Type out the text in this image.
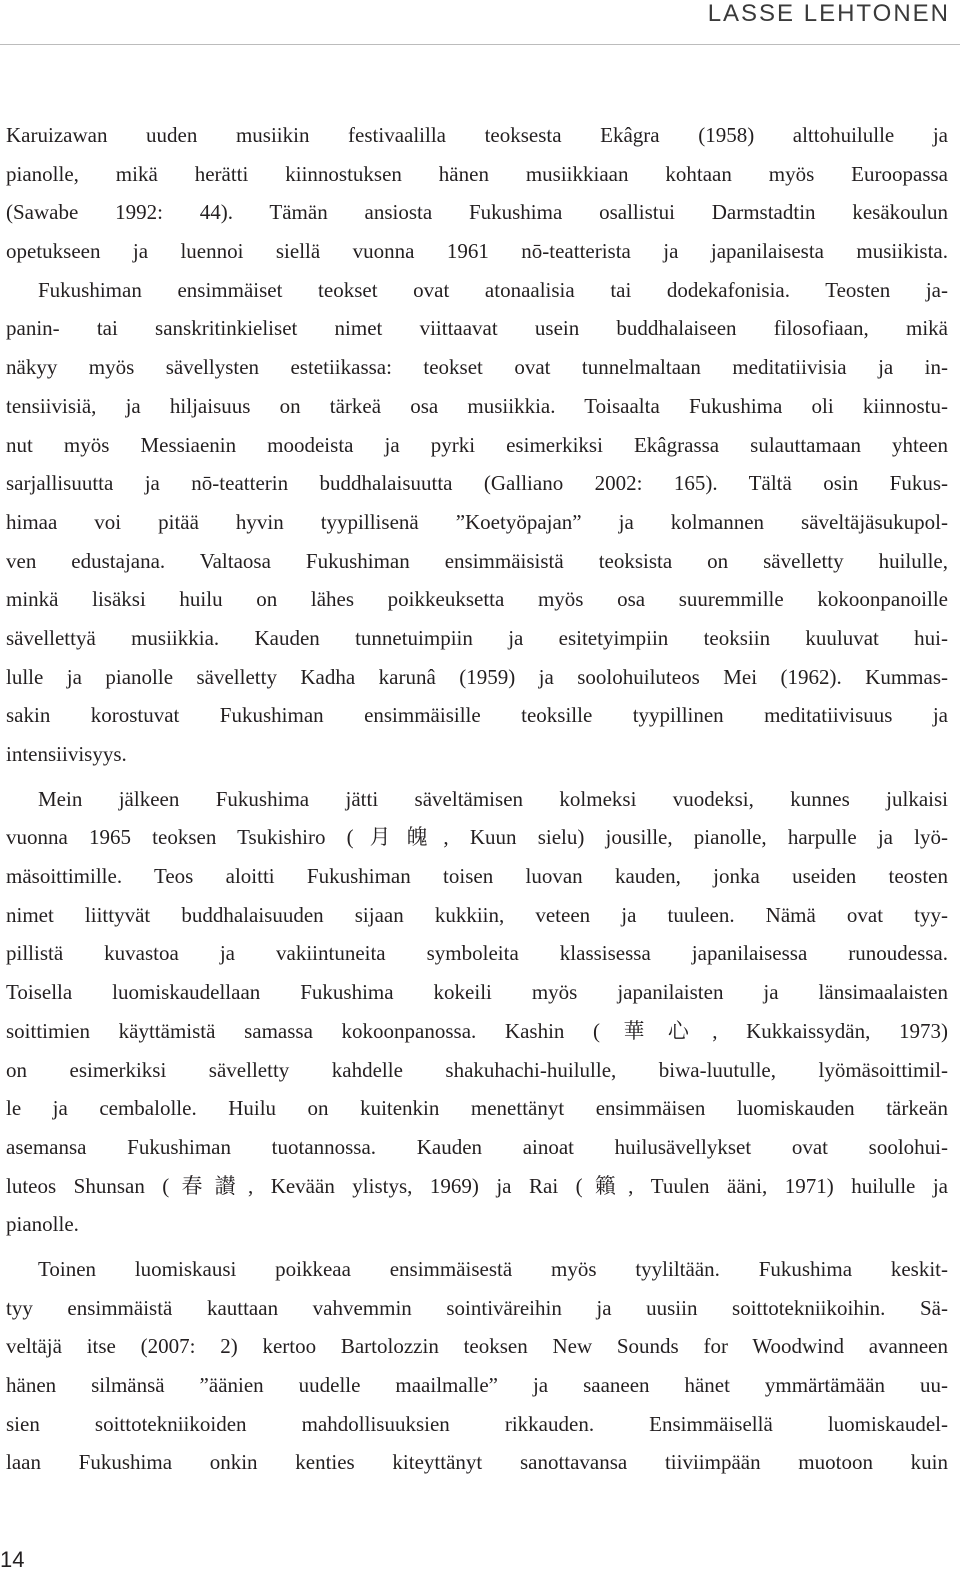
LASSE LEHTONEN
Karuizawan uuden musiikin festivaalilla teoksesta Ekâgra (1958) alttohuilulle ja
pianolle, mikä herätti kiinnostuksen hänen musiikkiaan kohtaan myös Euroopassa
(Sawabe 1992: 44). Tämän ansiosta Fukushima osallistui Darmstadtin kesäkoulun
opetukseen ja luennoi siellä vuonna 1961 nō-teatterista ja japanilaisesta musiikista.
Fukushiman ensimmäiset teokset ovat atonaalisia tai dodekafonisia. Teosten ja-
panin- tai sanskritinkieliset nimet viittaavat usein buddhalaiseen filosofiaan, mikä
näkyy myös sävellysten estetiikassa: teokset ovat tunnelmaltaan meditatiivisia ja in-
tensiivisiä, ja hiljaisuus on tärkeä osa musiikkia. Toisaalta Fukushima oli kiinnostu-
nut myös Messiaenin moodeista ja pyrki esimerkiksi Ekâgrassa sulauttamaan yhteen
sarjallisuutta ja nō-teatterin buddhalaisuutta (Galliano 2002: 165). Tältä osin Fukus-
himaa voi pitää hyvin tyypillisenä ”Koetyöpajan” ja kolmannen säveltäjäsukupol-
ven edustajana. Valtaosa Fukushiman ensimmäisistä teoksista on sävelletty huilulle,
minkä lisäksi huilu on lähes poikkeuksetta myös osa suuremmille kokoonpanoille
sävellettyä musiikkia. Kauden tunnetuimpiin ja esitetyimpiin teoksiin kuuluvat hui-
lulle ja pianolle sävelletty Kadha karunâ (1959) ja soolohuiluteos Mei (1962). Kummas-
sakin korostuvat Fukushiman ensimmäisille teoksille tyypillinen meditatiivisuus ja
intensiivisyys.
Mein jälkeen Fukushima jätti säveltämisen kolmeksi vuodeksi, kunnes julkaisi
vuonna 1965 teoksen Tsukishiro (月魄, Kuun sielu) jousille, pianolle, harpulle ja lyö-
mäsoittimille. Teos aloitti Fukushiman toisen luovan kauden, jonka useiden teosten
nimet liittyvät buddhalaisuuden sijaan kukkiin, veteen ja tuuleen. Nämä ovat tyy-
pillistä kuvastoa ja vakiintuneita symboleita klassisessa japanilaisessa runoudessa.
Toisella luomiskaudellaan Fukushima kokeili myös japanilaisten ja länsimaalaisten
soittimien käyttämistä samassa kokoonpanossa. Kashin (華心, Kukkaissydän, 1973)
on esimerkiksi sävelletty kahdelle shakuhachi-huilulle, biwa-luutulle, lyömäsoittimil-
le ja cembalolle. Huilu on kuitenkin menettänyt ensimmäisen luomiskauden tärkeän
asemansa Fukushiman tuotannossa. Kauden ainoat huilusävellykset ovat soolohui-
luteos Shunsan (春讃, Kevään ylistys, 1969) ja Rai (籟, Tuulen ääni, 1971) huilulle ja
pianolle.
Toinen luomiskausi poikkeaa ensimmäisestä myös tyyliltään. Fukushima keskit-
tyy ensimmäistä kauttaan vahvemmin sointiväreihin ja uusiin soittotekniikoihin. Sä-
veltäjä itse (2007: 2) kertoo Bartolozzin teoksen New Sounds for Woodwind avanneen
hänen silmänsä ”äänien uudelle maailmalle” ja saaneen hänet ymmärtämään uu-
sien soittotekniikoiden mahdollisuuksien rikkauden. Ensimmäisellä luomiskaudel-
laan Fukushima onkin kenties kiteyttänyt sanottavansa tiiviimpään muotoon kuin
14
